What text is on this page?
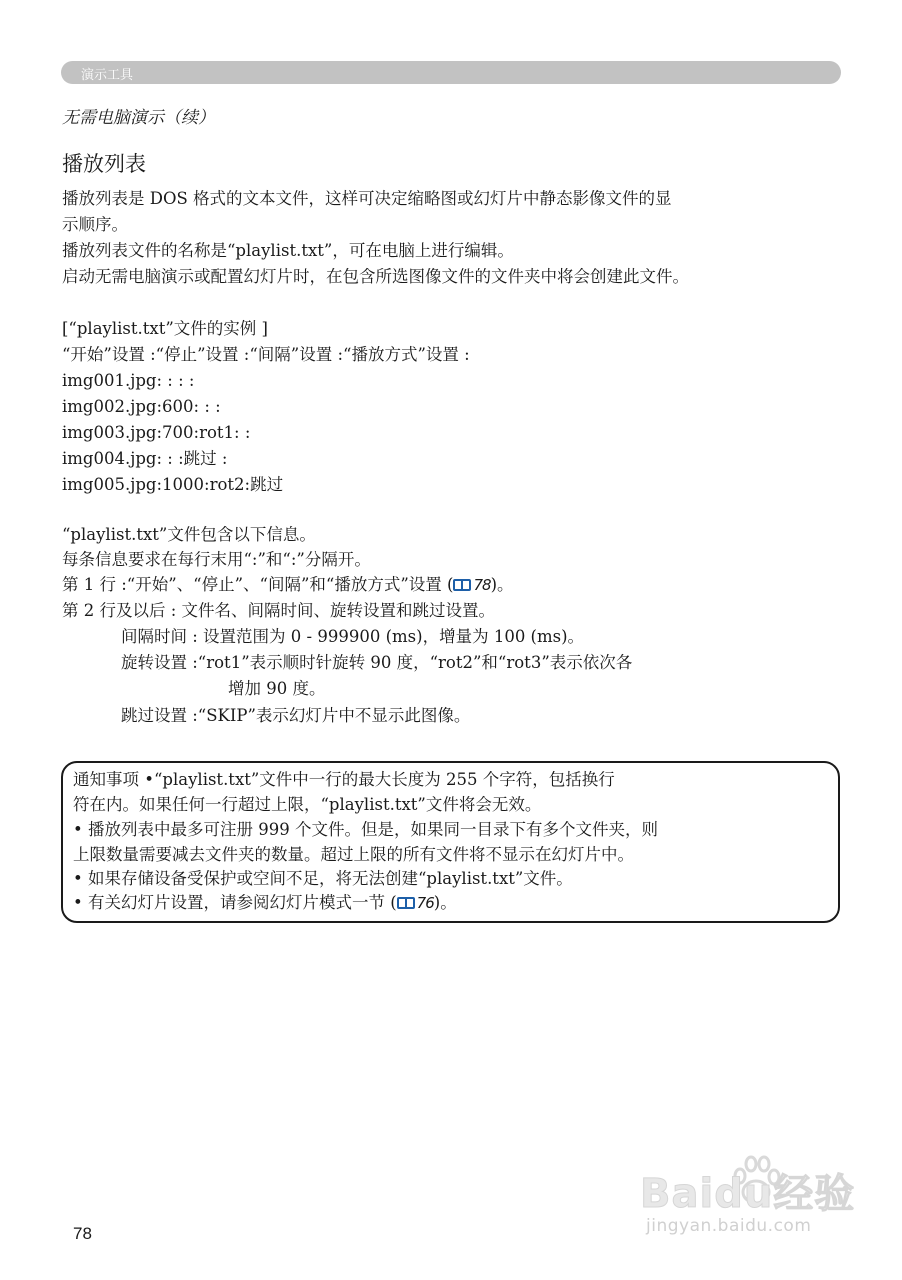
演示工具
无需电脑演示（续）
播放列表
播放列表是 DOS 格式的文本文件，这样可决定缩略图或幻灯片中静态影像文件的显
示顺序。
播放列表文件的名称是“playlist.txt”，可在电脑上进行编辑。
启动无需电脑演示或配置幻灯片时，在包含所选图像文件的文件夹中将会创建此文件。
[“playlist.txt”文件的实例 ]
“开始”设置 :“停止”设置 :“间隔”设置 :“播放方式”设置 :
img001.jpg: : : :
img002.jpg:600: : :
img003.jpg:700:rot1: :
img004.jpg: : :跳过 :
img005.jpg:1000:rot2:跳过
“playlist.txt”文件包含以下信息。
每条信息要求在每行末用“:”和“:”分隔开。
第 1 行 :“开始”、“停止”、“间隔”和“播放方式”设置 ( 78)。
第 2 行及以后 : 文件名、间隔时间、旋转设置和跳过设置。
间隔时间 : 设置范围为 0 - 999900 (ms)，增量为 100 (ms)。
旋转设置 :“rot1”表示顺时针旋转 90 度，“rot2”和“rot3”表示依次各
增加 90 度。
跳过设置 :“SKIP”表示幻灯片中不显示此图像。
通知事项 •“playlist.txt”文件中一行的最大长度为 255 个字符，包括换行
符在内。如果任何一行超过上限，“playlist.txt”文件将会无效。
• 播放列表中最多可注册 999 个文件。但是，如果同一目录下有多个文件夹，则
上限数量需要减去文件夹的数量。超过上限的所有文件将不显示在幻灯片中。
• 如果存储设备受保护或空间不足，将无法创建“playlist.txt”文件。
• 有关幻灯片设置，请参阅幻灯片模式一节 ( 76)。
78
Baidu经验
jingyan.baidu.com
